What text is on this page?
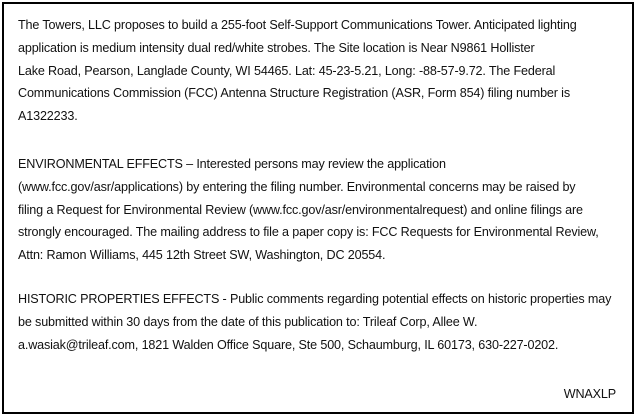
The Towers, LLC proposes to build a 255-foot Self-Support Communications Tower. Anticipated lighting
application is medium intensity dual red/white strobes. The Site location is Near N9861 Hollister
Lake Road, Pearson, Langlade County, WI 54465. Lat: 45-23-5.21, Long: -88-57-9.72. The Federal
Communications Commission (FCC) Antenna Structure Registration (ASR, Form 854) filing number is
A1322233.

ENVIRONMENTAL EFFECTS – Interested persons may review the application
(www.fcc.gov/asr/applications) by entering the filing number. Environmental concerns may be raised by
filing a Request for Environmental Review (www.fcc.gov/asr/environmentalrequest) and online filings are
strongly encouraged. The mailing address to file a paper copy is: FCC Requests for Environmental Review,
Attn: Ramon Williams, 445 12th Street SW, Washington, DC 20554.

HISTORIC PROPERTIES EFFECTS - Public comments regarding potential effects on historic properties may
be submitted within 30 days from the date of this publication to: Trileaf Corp, Allee W.
a.wasiak@trileaf.com, 1821 Walden Office Square, Ste 500, Schaumburg, IL 60173, 630-227-0202.

WNAXLP
